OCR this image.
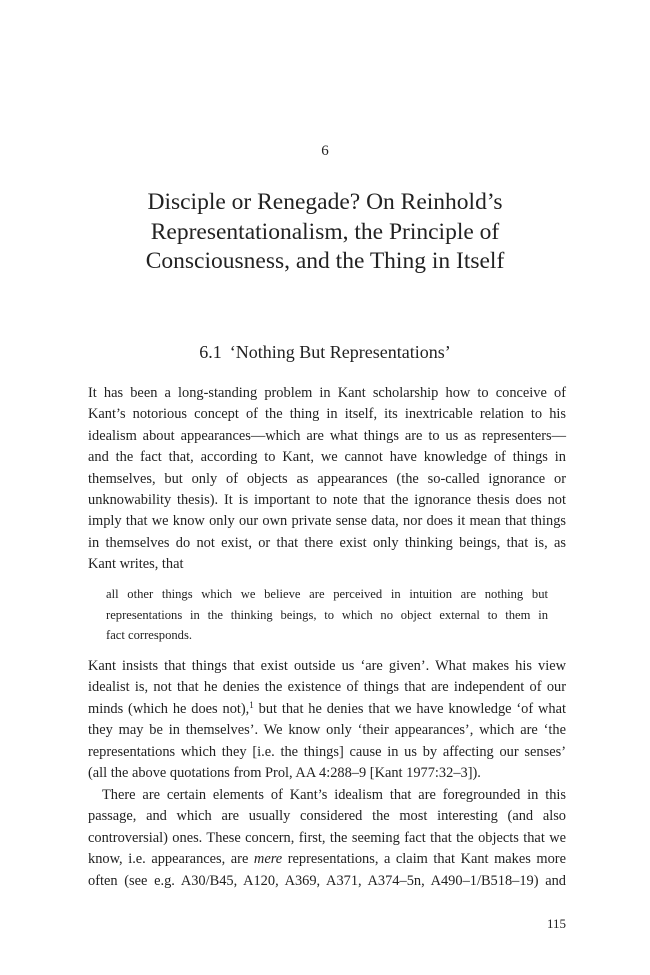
6
Disciple or Renegade? On Reinhold’s
Representationalism, the Principle of
Consciousness, and the Thing in Itself
6.1 ‘Nothing But Representations’
It has been a long-standing problem in Kant scholarship how to conceive of
Kant’s notorious concept of the thing in itself, its inextricable relation to his
idealism about appearances—which are what things are to us as representers—
and the fact that, according to Kant, we cannot have knowledge of things in
themselves, but only of objects as appearances (the so-called ignorance or
unknowability thesis). It is important to note that the ignorance thesis does not
imply that we know only our own private sense data, nor does it mean that things
in themselves do not exist, or that there exist only thinking beings, that is, as
Kant writes, that
all other things which we believe are perceived in intuition are nothing but
representations in the thinking beings, to which no object external to them in
fact corresponds.
Kant insists that things that exist outside us ‘are given’. What makes his view
idealist is, not that he denies the existence of things that are independent of our
minds (which he does not),$^1$ but that he denies that we have knowledge ‘of what
they may be in themselves’. We know only ‘their appearances’, which are ‘the
representations which they [i.e. the things] cause in us by affecting our senses’
(all the above quotations from Prol, AA 4:288–9 [Kant 1977:32–3]).
There are certain elements of Kant’s idealism that are foregrounded in this
passage, and which are usually considered the most interesting (and also
controversial) ones. These concern, first, the seeming fact that the objects that we
know, i.e. appearances, are mere representations, a claim that Kant makes more
often (see e.g. A30/B45, A120, A369, A371, A374–5n, A490–1/B518–19) and
115
